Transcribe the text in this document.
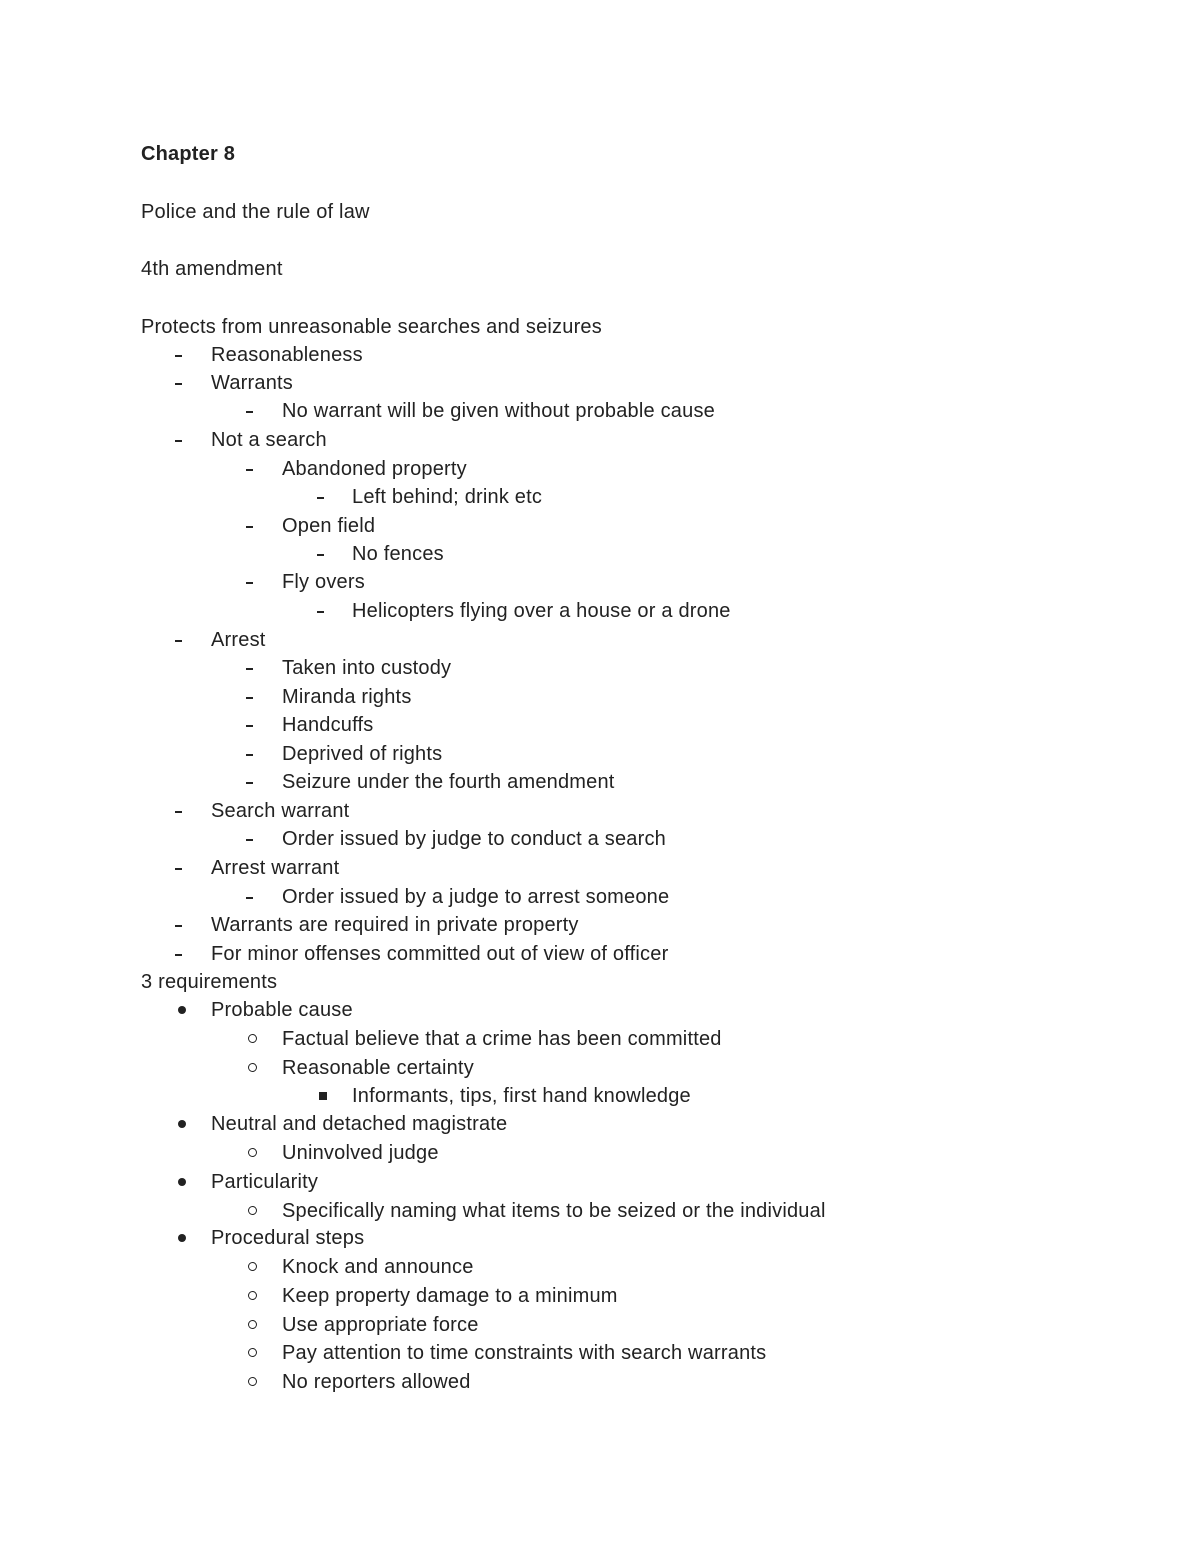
Chapter 8
Police and the rule of law
4th amendment
Protects from unreasonable searches and seizures
Reasonableness
Warrants
No warrant will be given without probable cause
Not a search
Abandoned property
Left behind; drink etc
Open field
No fences
Fly overs
Helicopters flying over a house or a drone
Arrest
Taken into custody
Miranda rights
Handcuffs
Deprived of rights
Seizure under the fourth amendment
Search warrant
Order issued by judge to conduct a search
Arrest warrant
Order issued by a judge to arrest someone
Warrants are required in private property
For minor offenses committed out of view of officer
3 requirements
Probable cause
Factual believe that a crime has been committed
Reasonable certainty
Informants, tips, first hand knowledge
Neutral and detached magistrate
Uninvolved judge
Particularity
Specifically naming what items to be seized or the individual
Procedural steps
Knock and announce
Keep property damage to a minimum
Use appropriate force
Pay attention to time constraints with search warrants
No reporters allowed
